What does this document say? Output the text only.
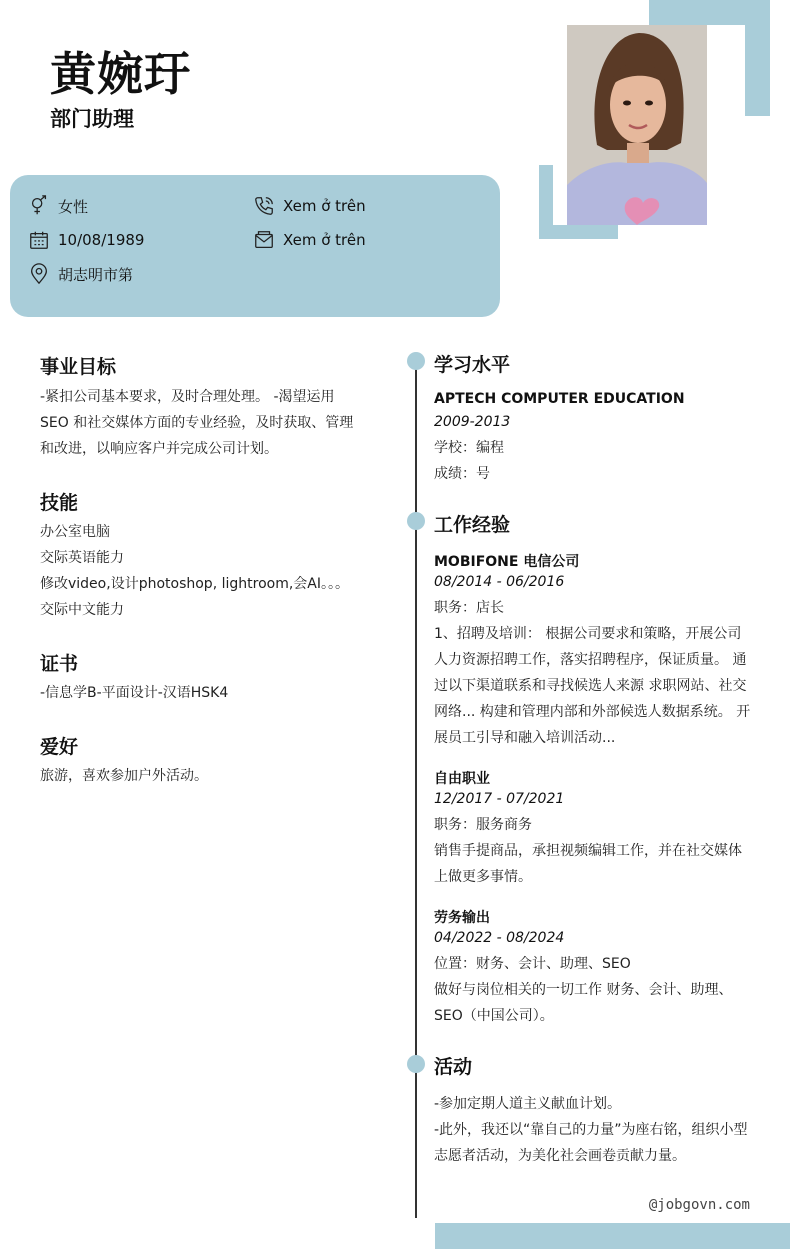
黄婉玗
部门助理
女性
10/08/1989
胡志明市第
Xem ở trên
Xem ở trên
事业目标
-紧扣公司基本要求，及时合理处理。 -渴望运用
SEO 和社交媒体方面的专业经验，及时获取、管理
和改进，以响应客户并完成公司计划。
技能
办公室电脑
交际英语能力
修改video,设计photoshop, lightroom,会AI。。。
交际中文能力
证书
-信息学B-平面设计-汉语HSK4
爱好
旅游，喜欢参加户外活动。
学习水平
APTECH COMPUTER EDUCATION
2009-2013
学校：编程
成绩：号
工作经验
MOBIFONE 电信公司
08/2014 - 06/2016
职务：店长
1、招聘及培训： 根据公司要求和策略，开展公司
人力资源招聘工作，落实招聘程序，保证质量。 通
过以下渠道联系和寻找候选人来源 求职网站、社交
网络... 构建和管理内部和外部候选人数据系统。 开
展员工引导和融入培训活动...
自由职业
12/2017 - 07/2021
职务：服务商务
销售手提商品，承担视频编辑工作，并在社交媒体
上做更多事情。
劳务输出
04/2022 - 08/2024
位置：财务、会计、助理、SEO
做好与岗位相关的一切工作 财务、会计、助理、
SEO（中国公司）。
活动
-参加定期人道主义献血计划。
-此外，我还以“靠自己的力量”为座右铭，组织小型
志愿者活动，为美化社会画卷贡献力量。
@jobgovn.com
